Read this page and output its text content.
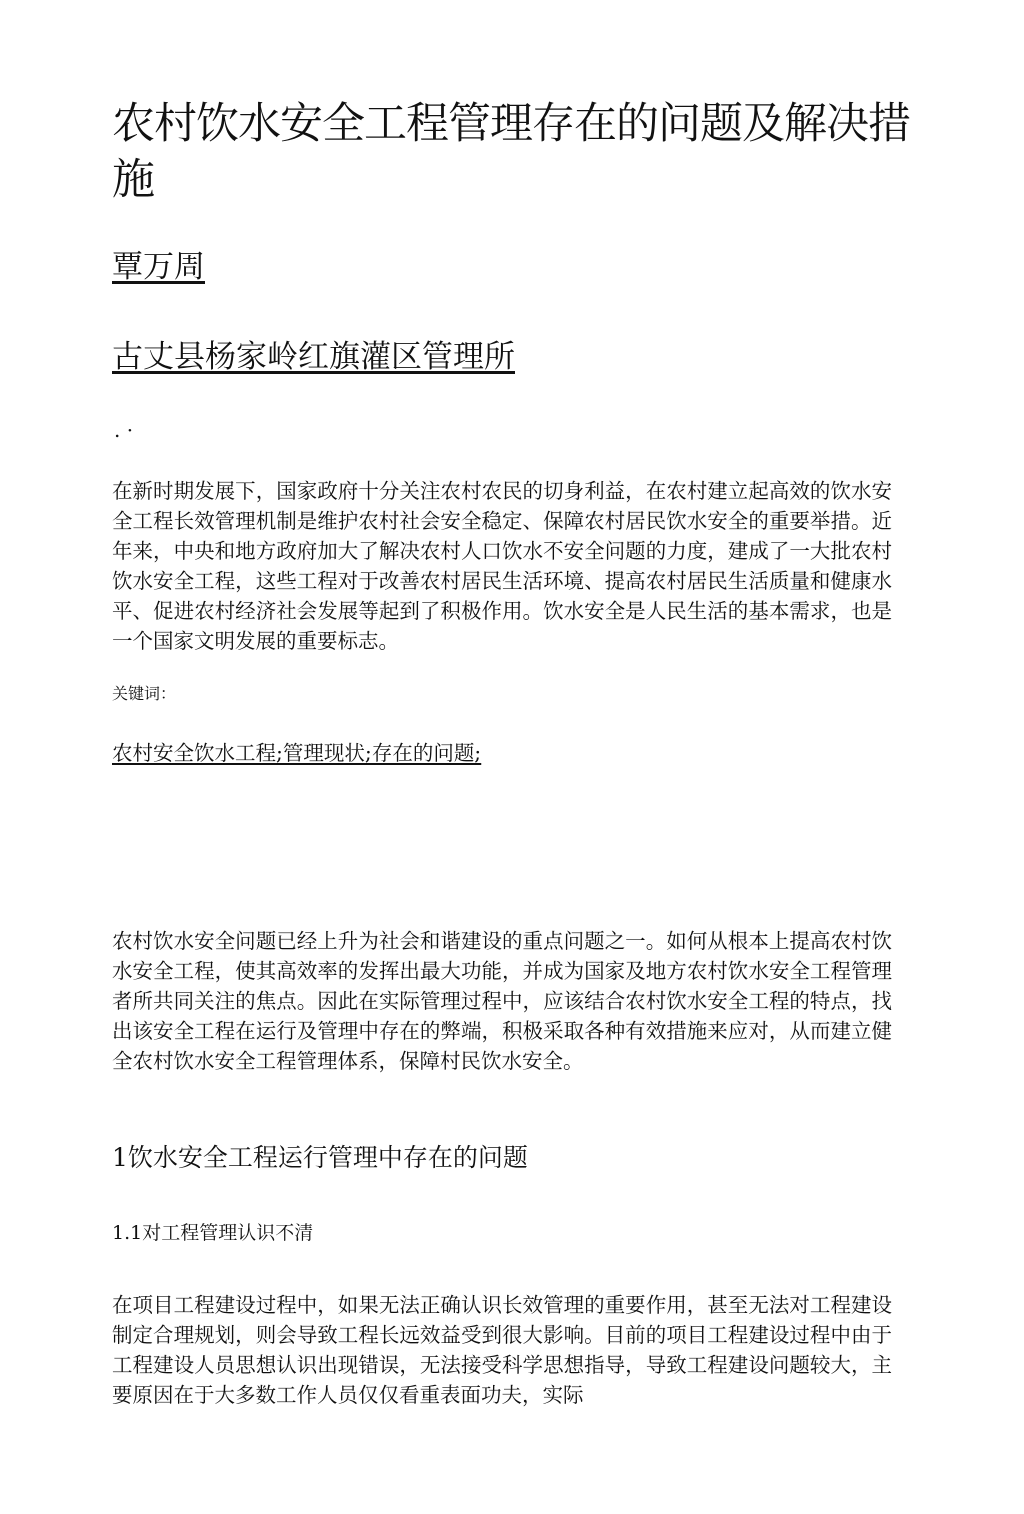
农村饮水安全工程管理存在的问题及解决措施

覃万周

古丈县杨家岭红旗灌区管理所

. ·

在新时期发展下，国家政府十分关注农村农民的切身利益，在农村建立起高效的饮水安全工程长效管理机制是维护农村社会安全稳定、保障农村居民饮水安全的重要举措。近年来，中央和地方政府加大了解决农村人口饮水不安全问题的力度，建成了一大批农村饮水安全工程，这些工程对于改善农村居民生活环境、提高农村居民生活质量和健康水平、促进农村经济社会发展等起到了积极作用。饮水安全是人民生活的基本需求，也是一个国家文明发展的重要标志。

关键词：

农村安全饮水工程;管理现状;存在的问题;

农村饮水安全问题已经上升为社会和谐建设的重点问题之一。如何从根本上提高农村饮水安全工程，使其高效率的发挥出最大功能，并成为国家及地方农村饮水安全工程管理者所共同关注的焦点。因此在实际管理过程中，应该结合农村饮水安全工程的特点，找出该安全工程在运行及管理中存在的弊端，积极采取各种有效措施来应对，从而建立健全农村饮水安全工程管理体系，保障村民饮水安全。

1饮水安全工程运行管理中存在的问题
1.1对工程管理认识不清

在项目工程建设过程中，如果无法正确认识长效管理的重要作用，甚至无法对工程建设制定合理规划，则会导致工程长远效益受到很大影响。目前的项目工程建设过程中由于工程建设人员思想认识出现错误，无法接受科学思想指导，导致工程建设问题较大，主要原因在于大多数工作人员仅仅看重表面功夫，实际
